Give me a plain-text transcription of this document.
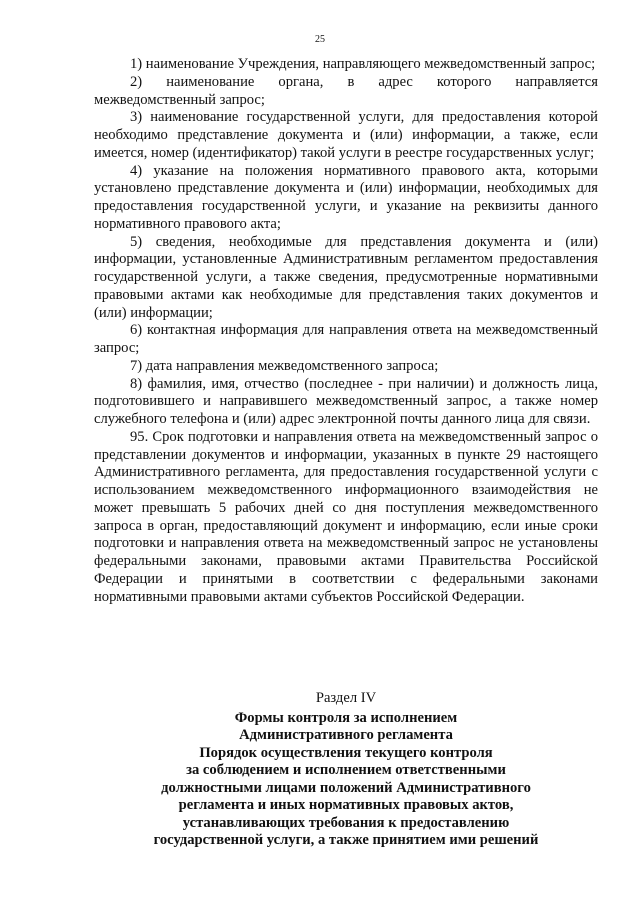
25

1) наименование Учреждения, направляющего межведомственный запрос;

2) наименование органа, в адрес которого направляется межведомственный запрос;

3) наименование государственной услуги, для предоставления которой необходимо представление документа и (или) информации, а также, если имеется, номер (идентификатор) такой услуги в реестре государственных услуг;

4) указание на положения нормативного правового акта, которыми установлено представление документа и (или) информации, необходимых для предоставления государственной услуги, и указание на реквизиты данного нормативного правового акта;

5) сведения, необходимые для представления документа и (или) информации, установленные Административным регламентом предоставления государственной услуги, а также сведения, предусмотренные нормативными правовыми актами как необходимые для представления таких документов и (или) информации;

6) контактная информация для направления ответа на межведомственный запрос;

7) дата направления межведомственного запроса;

8) фамилия, имя, отчество (последнее - при наличии) и должность лица, подготовившего и направившего межведомственный запрос, а также номер служебного телефона и (или) адрес электронной почты данного лица для связи.

95. Срок подготовки и направления ответа на межведомственный запрос о представлении документов и информации, указанных в пункте 29 настоящего Административного регламента, для предоставления государственной услуги с использованием межведомственного информационного взаимодействия не может превышать 5 рабочих дней со дня поступления межведомственного запроса в орган, предоставляющий документ и информацию, если иные сроки подготовки и направления ответа на межведомственный запрос не установлены федеральными законами, правовыми актами Правительства Российской Федерации и принятыми в соответствии с федеральными законами нормативными правовыми актами субъектов Российской Федерации.

Раздел IV

Формы контроля за исполнением

Административного регламента

Порядок осуществления текущего контроля

за соблюдением и исполнением ответственными

должностными лицами положений Административного

регламента и иных нормативных правовых актов,

устанавливающих требования к предоставлению

государственной услуги, а также принятием ими решений
